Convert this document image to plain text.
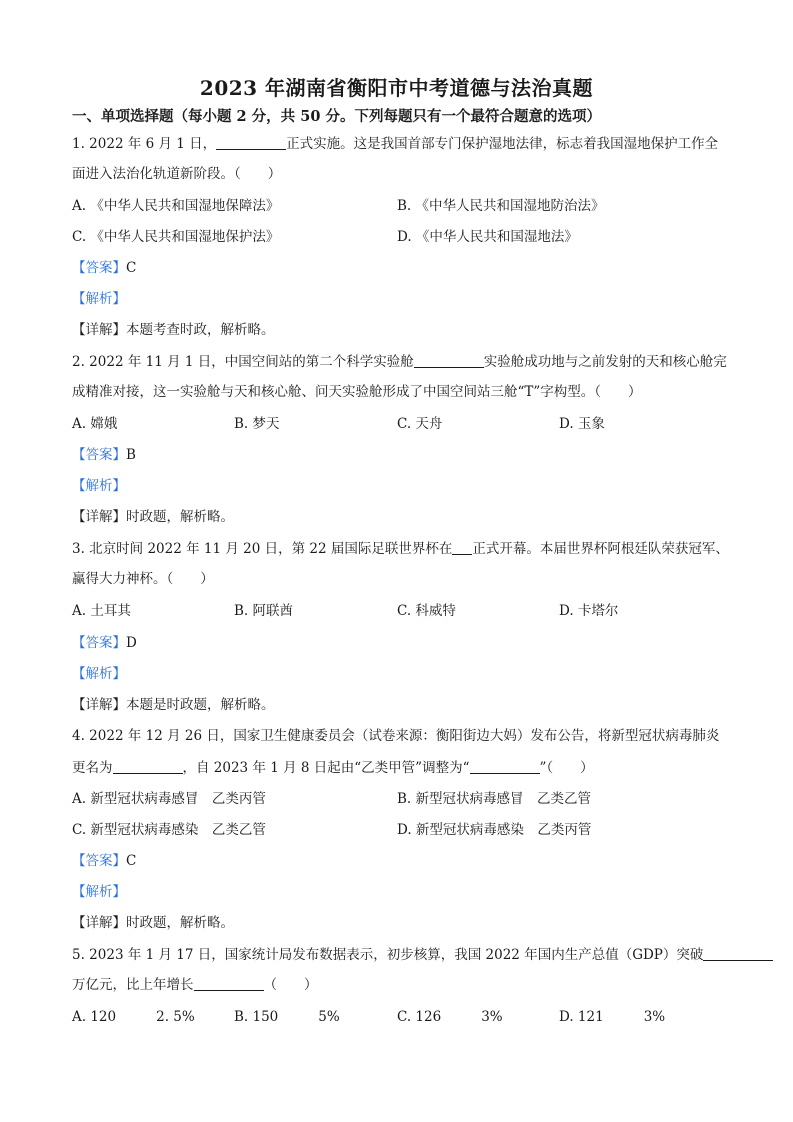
2023 年湖南省衡阳市中考道德与法治真题
一、单项选择题（每小题 2 分，共 50 分。下列每题只有一个最符合题意的选项）
1. 2022 年 6 月 1 日，	正式实施。这是我国首部专门保护湿地法律，标志着我国湿地保护工作全
面进入法治化轨道新阶段。（　　）
A. 《中华人民共和国湿地保障法》	B. 《中华人民共和国湿地防治法》
C. 《中华人民共和国湿地保护法》	D. 《中华人民共和国湿地法》
【答案】C
【解析】
【详解】本题考查时政，解析略。
2. 2022 年 11 月 1 日，中国空间站的第二个科学实验舱	实验舱成功地与之前发射的天和核心舱完
成精准对接，这一实验舱与天和核心舱、问天实验舱形成了中国空间站三舱“T”字构型。（　　）
A. 嫦娥	B. 梦天	C. 天舟	D. 玉象
【答案】B
【解析】
【详解】时政题，解析略。
3. 北京时间 2022 年 11 月 20 日，第 22 届国际足联世界杯在 正式开幕。本届世界杯阿根廷队荣获冠军、
赢得大力神杯。（　　）
A. 土耳其	B. 阿联酋	C. 科威特	D. 卡塔尔
【答案】D
【解析】
【详解】本题是时政题，解析略。
4. 2022 年 12 月 26 日，国家卫生健康委员会（试卷来源：衡阳街边大妈）发布公告，将新型冠状病毒肺炎
更名为	，自 2023 年 1 月 8 日起由“乙类甲管”调整为“	”（　　）
A. 新型冠状病毒感冒　乙类丙管	B. 新型冠状病毒感冒　乙类乙管
C. 新型冠状病毒感染　乙类乙管	D. 新型冠状病毒感染　乙类丙管
【答案】C
【解析】
【详解】时政题，解析略。
5. 2023 年 1 月 17 日，国家统计局发布数据表示，初步核算，我国 2022 年国内生产总值（GDP）突破
万亿元，比上年增长	（　　）
A. 120	2. 5%	B. 150	5%	C. 126	3%	D. 121	3%
